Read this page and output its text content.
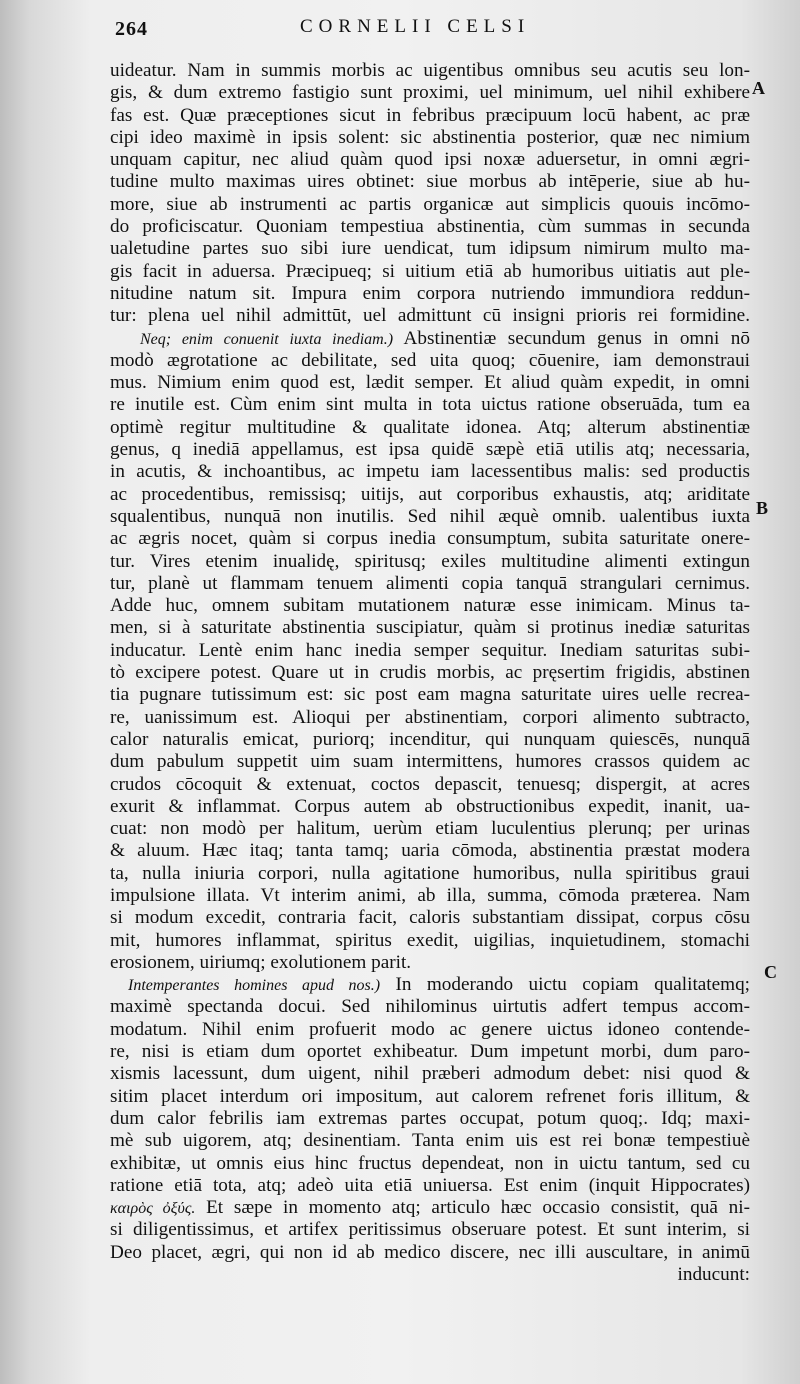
264	CORNELII CELSI
A
B
C
uideatur. Nam in summis morbis ac uigentibus omnibus seu acutis seu lon-
gis, & dum extremo fastigio sunt proximi, uel minimum, uel nihil exhibere
fas est. Quæ præceptiones sicut in febribus præcipuum locū habent, ac præ
cipi ideo maximè in ipsis solent: sic abstinentia posterior, quæ nec nimium
unquam capitur, nec aliud quàm quod ipsi noxæ aduersetur, in omni ægri-
tudine multo maximas uires obtinet: siue morbus ab intēperie, siue ab hu-
more, siue ab instrumenti ac partis organicæ aut simplicis quouis incōmo-
do proficiscatur. Quoniam tempestiua abstinentia, cùm summas in secunda
ualetudine partes suo sibi iure uendicat, tum idipsum nimirum multo ma-
gis facit in aduersa. Præcipueq; si uitium etiā ab humoribus uitiatis aut ple-
nitudine natum sit. Impura enim corpora nutriendo immundiora reddun-
tur: plena uel nihil admittūt, uel admittunt cū insigni prioris rei formidine.
Neq; enim conuenit iuxta inediam.) Abstinentiæ secundum genus in omni nō
modò ægrotatione ac debilitate, sed uita quoq; cōuenire, iam demonstraui
mus. Nimium enim quod est, lædit semper. Et aliud quàm expedit, in omni
re inutile est. Cùm enim sint multa in tota uictus ratione obseruāda, tum ea
optimè regitur multitudine & qualitate idonea. Atq; alterum abstinentiæ
genus, q inediā appellamus, est ipsa quidē sæpè etiā utilis atq; necessaria,
in acutis, & inchoantibus, ac impetu iam lacessentibus malis: sed productis
ac procedentibus, remissisq; uitijs, aut corporibus exhaustis, atq; ariditate
squalentibus, nunquā non inutilis. Sed nihil æquè omnib. ualentibus iuxta
ac ægris nocet, quàm si corpus inedia consumptum, subita saturitate onere-
tur. Vires etenim inualidę, spiritusq; exiles multitudine alimenti extingun
tur, planè ut flammam tenuem alimenti copia tanquā strangulari cernimus.
Adde huc, omnem subitam mutationem naturæ esse inimicam. Minus ta-
men, si à saturitate abstinentia suscipiatur, quàm si protinus inediæ saturitas
inducatur. Lentè enim hanc inedia semper sequitur. Inediam saturitas subi-
tò excipere potest. Quare ut in crudis morbis, ac pręsertim frigidis, abstinen
tia pugnare tutissimum est: sic post eam magna saturitate uires uelle recrea-
re, uanissimum est. Alioqui per abstinentiam, corpori alimento subtracto,
calor naturalis emicat, puriorq; incenditur, qui nunquam quiescēs, nunquā
dum pabulum suppetit uim suam intermittens, humores crassos quidem ac
crudos cōcoquit & extenuat, coctos depascit, tenuesq; dispergit, at acres
exurit & inflammat. Corpus autem ab obstructionibus expedit, inanit, ua-
cuat: non modò per halitum, uerùm etiam luculentius plerunq; per urinas
& aluum. Hæc itaq; tanta tamq; uaria cōmoda, abstinentia præstat modera
ta, nulla iniuria corpori, nulla agitatione humoribus, nulla spiritibus graui
impulsione illata. Vt interim animi, ab illa, summa, cōmoda præterea. Nam
si modum excedit, contraria facit, caloris substantiam dissipat, corpus cōsu
mit, humores inflammat, spiritus exedit, uigilias, inquietudinem, stomachi
erosionem, uiriumq; exolutionem parit.
Intemperantes homines apud nos.) In moderando uictu copiam qualitatemq;
maximè spectanda docui. Sed nihilominus uirtutis adfert tempus accom-
modatum. Nihil enim profuerit modo ac genere uictus idoneo contende-
re, nisi is etiam dum oportet exhibeatur. Dum impetunt morbi, dum paro-
xismis lacessunt, dum uigent, nihil præberi admodum debet: nisi quod &
sitim placet interdum ori impositum, aut calorem refrenet foris illitum, &
dum calor febrilis iam extremas partes occupat, potum quoq;. Idq; maxi-
mè sub uigorem, atq; desinentiam. Tanta enim uis est rei bonæ tempestiuè
exhibitæ, ut omnis eius hinc fructus dependeat, non in uictu tantum, sed cu
ratione etiā tota, atq; adeò uita etiā uniuersa. Est enim (inquit Hippocrates)
καιρὸς ὀξύς. Et sæpe in momento atq; articulo hæc occasio consistit, quā ni-
si diligentissimus, et artifex peritissimus obseruare potest. Et sunt interim, si
Deo placet, ægri, qui non id ab medico discere, nec illi auscultare, in animū
inducunt:
